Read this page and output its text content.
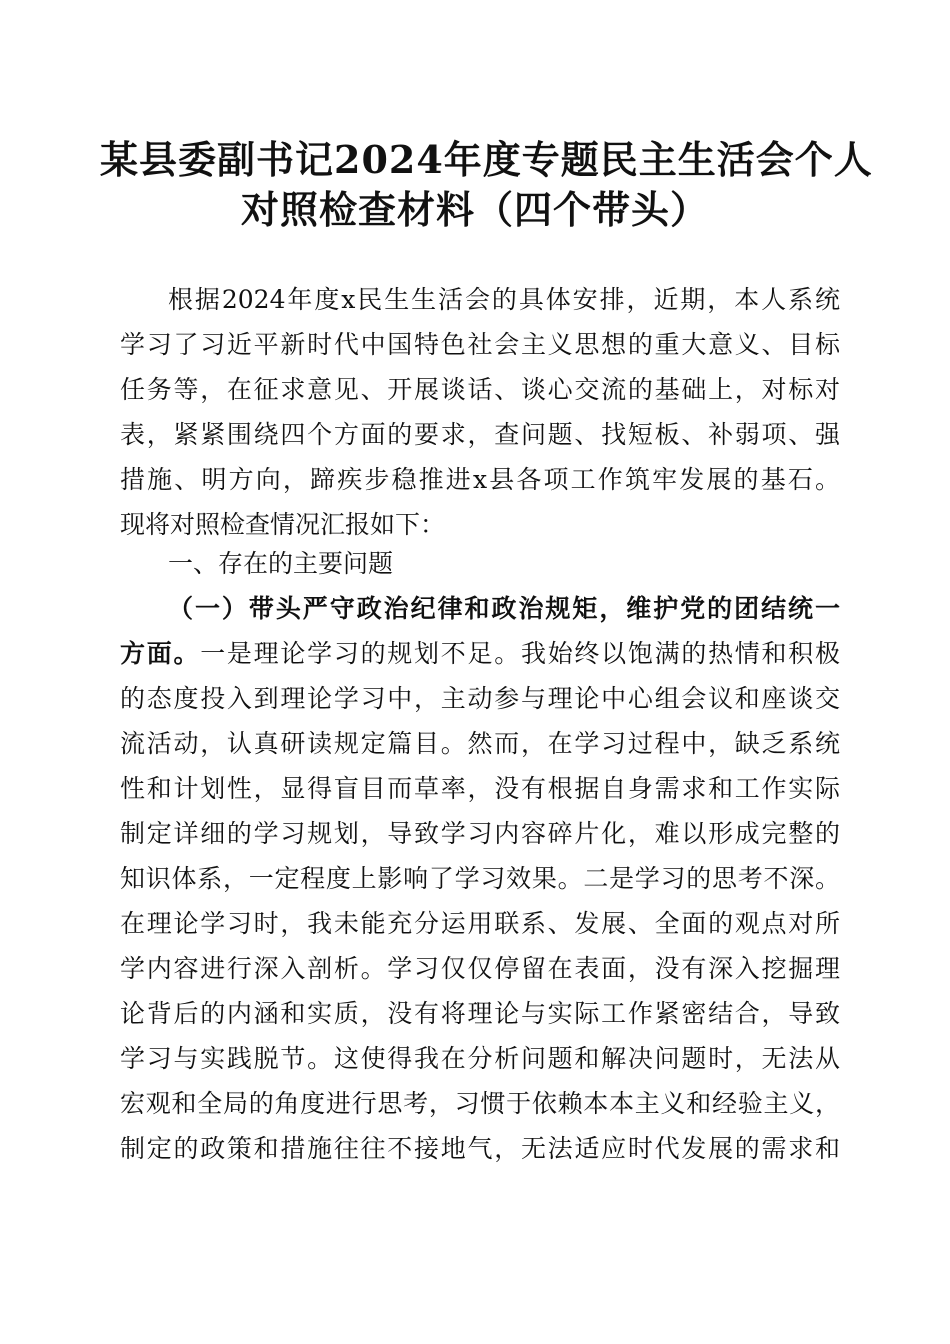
某县委副书记2024年度专题民主生活会个人
对照检查材料（四个带头）
根据2024年度x民生生活会的具体安排，近期，本人系统
学习了习近平新时代中国特色社会主义思想的重大意义、目标
任务等，在征求意见、开展谈话、谈心交流的基础上，对标对
表，紧紧围绕四个方面的要求，查问题、找短板、补弱项、强
措施、明方向，蹄疾步稳推进x县各项工作筑牢发展的基石。
现将对照检查情况汇报如下：
一、存在的主要问题
（一）带头严守政治纪律和政治规矩，维护党的团结统一
方面。一是理论学习的规划不足。我始终以饱满的热情和积极
的态度投入到理论学习中，主动参与理论中心组会议和座谈交
流活动，认真研读规定篇目。然而，在学习过程中，缺乏系统
性和计划性，显得盲目而草率，没有根据自身需求和工作实际
制定详细的学习规划，导致学习内容碎片化，难以形成完整的
知识体系，一定程度上影响了学习效果。二是学习的思考不深。
在理论学习时，我未能充分运用联系、发展、全面的观点对所
学内容进行深入剖析。学习仅仅停留在表面，没有深入挖掘理
论背后的内涵和实质，没有将理论与实际工作紧密结合，导致
学习与实践脱节。这使得我在分析问题和解决问题时，无法从
宏观和全局的角度进行思考，习惯于依赖本本主义和经验主义，
制定的政策和措施往往不接地气，无法适应时代发展的需求和
